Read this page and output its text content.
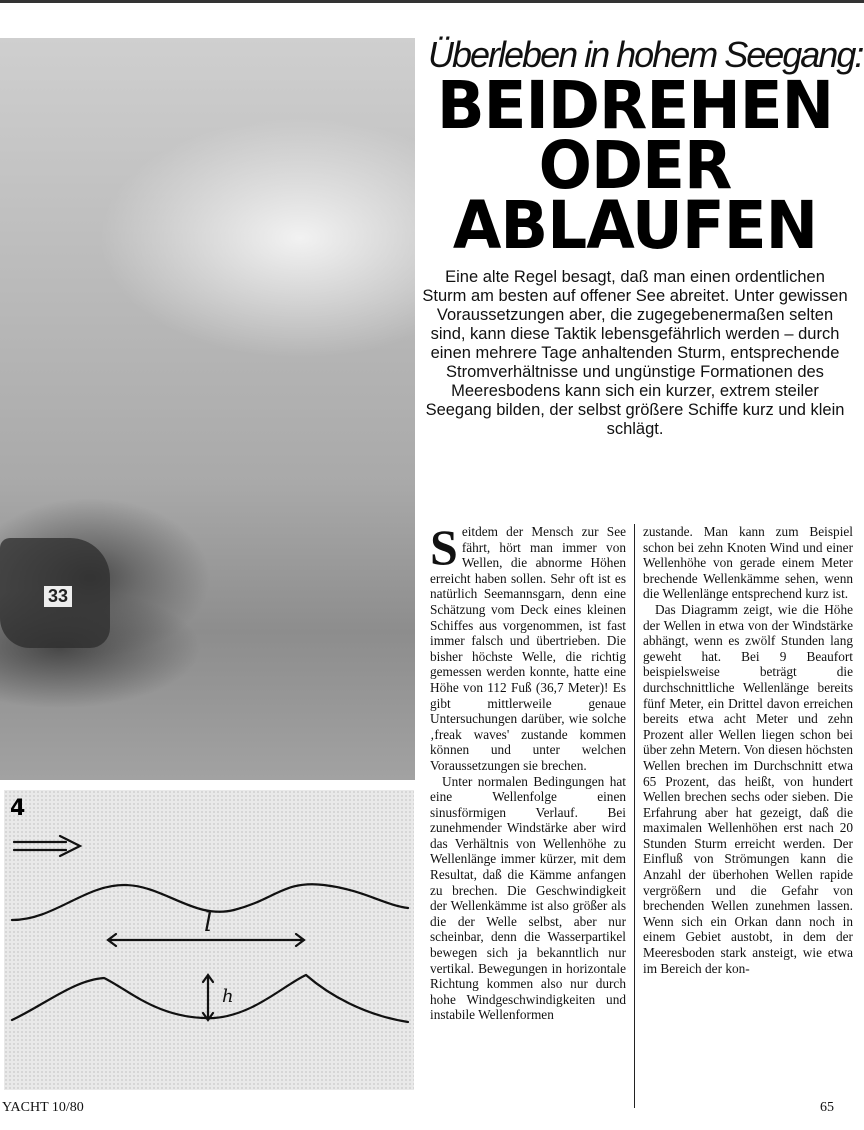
33
Überleben in hohem Seegang:
BEIDREHEN
ODER
ABLAUFEN

Eine alte Regel besagt, daß man einen ordentlichen Sturm am besten auf offener See abreitet. Unter gewissen Voraussetzungen aber, die zugegebenermaßen selten sind, kann diese Taktik lebensgefährlich werden – durch einen mehrere Tage anhaltenden Sturm, entsprechende Stromverhältnisse und ungünstige Formationen des Meeresbodens kann sich ein kurzer, extrem steiler Seegang bilden, der selbst größere Schiffe kurz und klein schlägt.

l
h
4

Seitdem der Mensch zur See fährt, hört man immer von Wellen, die abnorme Höhen erreicht haben sollen. Sehr oft ist es natürlich Seemannsgarn, denn eine Schätzung vom Deck eines kleinen Schiffes aus vorgenommen, ist fast immer falsch und übertrieben. Die bisher höchste Welle, die richtig gemessen werden konnte, hatte eine Höhe von 112 Fuß (36,7 Meter)! Es gibt mittlerweile genaue Untersuchungen darüber, wie solche ‚freak waves' zustande kommen können und unter welchen Voraussetzungen sie brechen.

Unter normalen Bedingungen hat eine Wellenfolge einen sinusförmigen Verlauf. Bei zunehmender Windstärke aber wird das Verhältnis von Wellenhöhe zu Wellenlänge immer kürzer, mit dem Resultat, daß die Kämme anfangen zu brechen. Die Geschwindigkeit der Wellenkämme ist also größer als die der Welle selbst, aber nur scheinbar, denn die Wasserpartikel bewegen sich ja bekanntlich nur vertikal. Bewegungen in horizontale Richtung kommen also nur durch hohe Windgeschwindigkeiten und instabile Wellenformen

zustande. Man kann zum Beispiel schon bei zehn Knoten Wind und einer Wellenhöhe von gerade einem Meter brechende Wellenkämme sehen, wenn die Wellenlänge entsprechend kurz ist.

Das Diagramm zeigt, wie die Höhe der Wellen in etwa von der Windstärke abhängt, wenn es zwölf Stunden lang geweht hat. Bei 9 Beaufort beispielsweise beträgt die durchschnittliche Wellenlänge bereits fünf Meter, ein Drittel davon erreichen bereits etwa acht Meter und zehn Prozent aller Wellen liegen schon bei über zehn Metern. Von diesen höchsten Wellen brechen im Durchschnitt etwa 65 Prozent, das heißt, von hundert Wellen brechen sechs oder sieben. Die Erfahrung aber hat gezeigt, daß die maximalen Wellenhöhen erst nach 20 Stunden Sturm erreicht werden. Der Einfluß von Strömungen kann die Anzahl der überhohen Wellen rapide vergrößern und die Gefahr von brechenden Wellen zunehmen lassen. Wenn sich ein Orkan dann noch in einem Gebiet austobt, in dem der Meeresboden stark ansteigt, wie etwa im Bereich der kon-

YACHT 10/80	65
